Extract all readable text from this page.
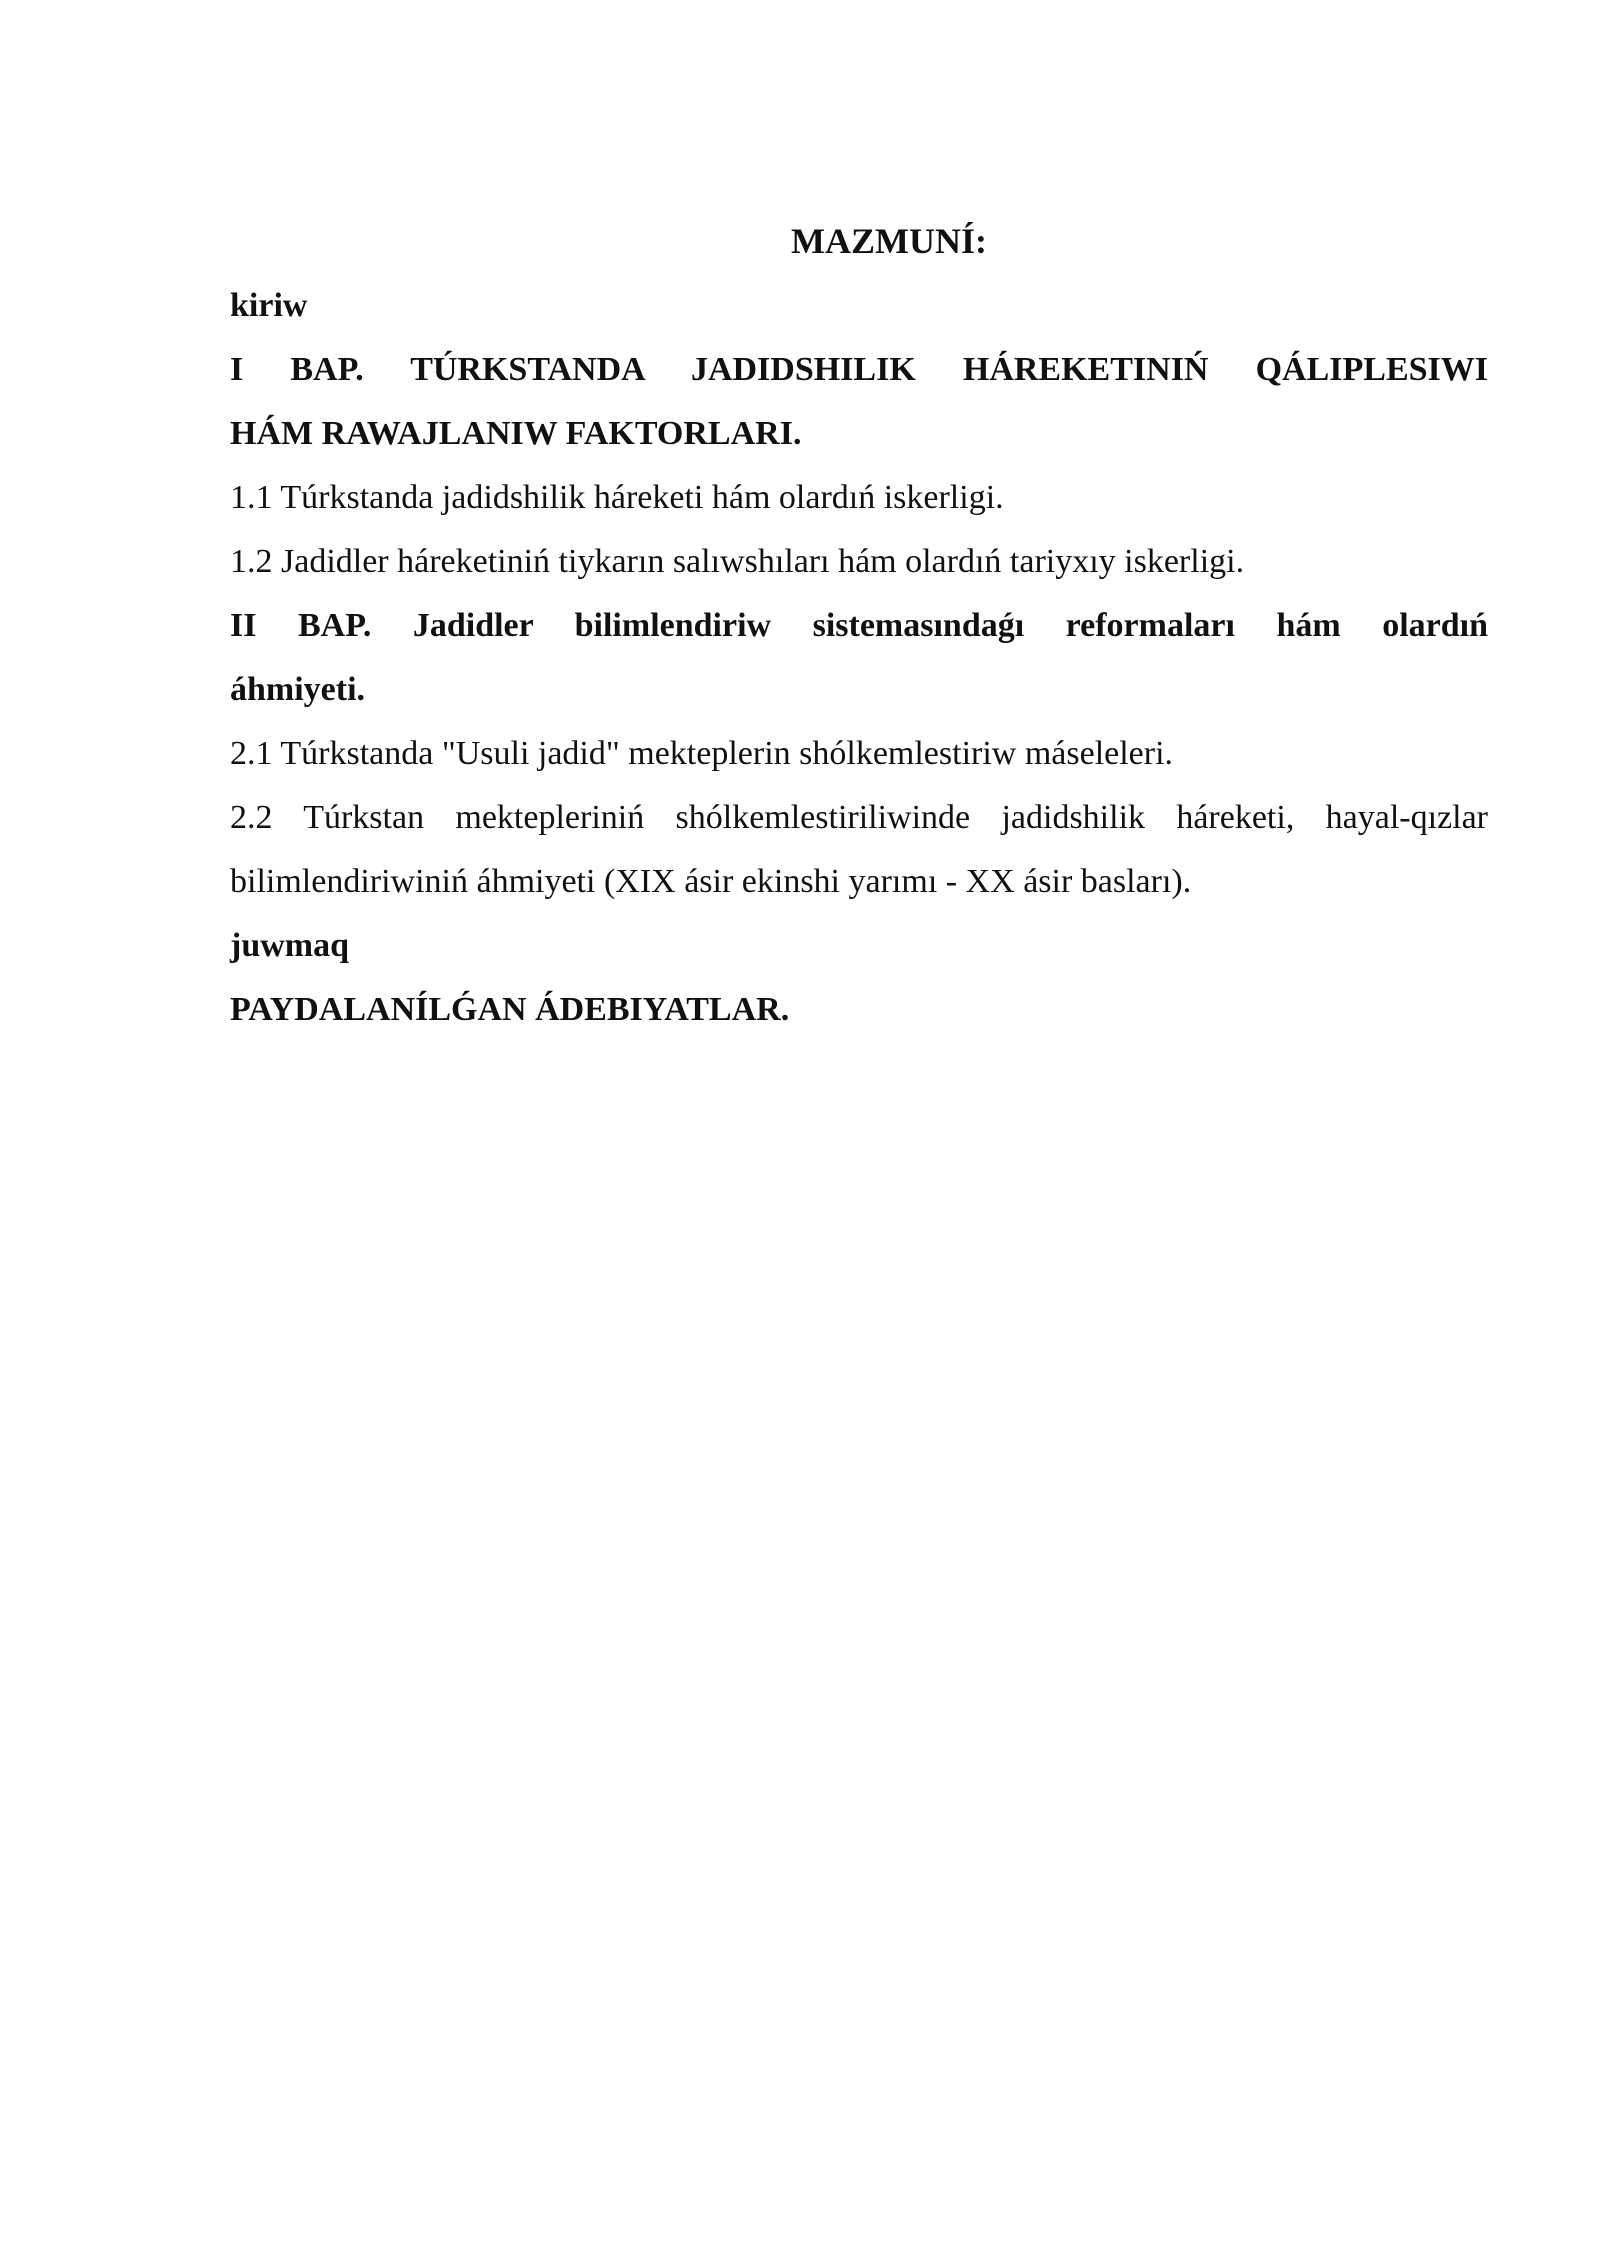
MAZMUNÍ:

kiriw

I BAP. TÚRKSTANDA JADIDSHILIK HÁREKETINIŃ QÁLIPLESIWI

HÁM RAWAJLANIW FAKTORLARI.

1.1 Túrkstanda jadidshilik háreketi hám olardıń iskerligi.

1.2 Jadidler háreketiniń tiykarın salıwshıları hám olardıń tariyxıy iskerligi.

II BAP. Jadidler bilimlendiriw sistemasındaǵı reformaları hám olardıń

áhmiyeti.

2.1 Túrkstanda "Usuli jadid" mekteplerin shólkemlestiriw máseleleri.

2.2 Túrkstan mektepleriniń shólkemlestiriliwinde jadidshilik háreketi, hayal-qızlar

bilimlendiriwiniń áhmiyeti (XIX ásir ekinshi yarımı - XX ásir basları).

juwmaq

PAYDALANÍLǴAN ÁDEBIYATLAR.
